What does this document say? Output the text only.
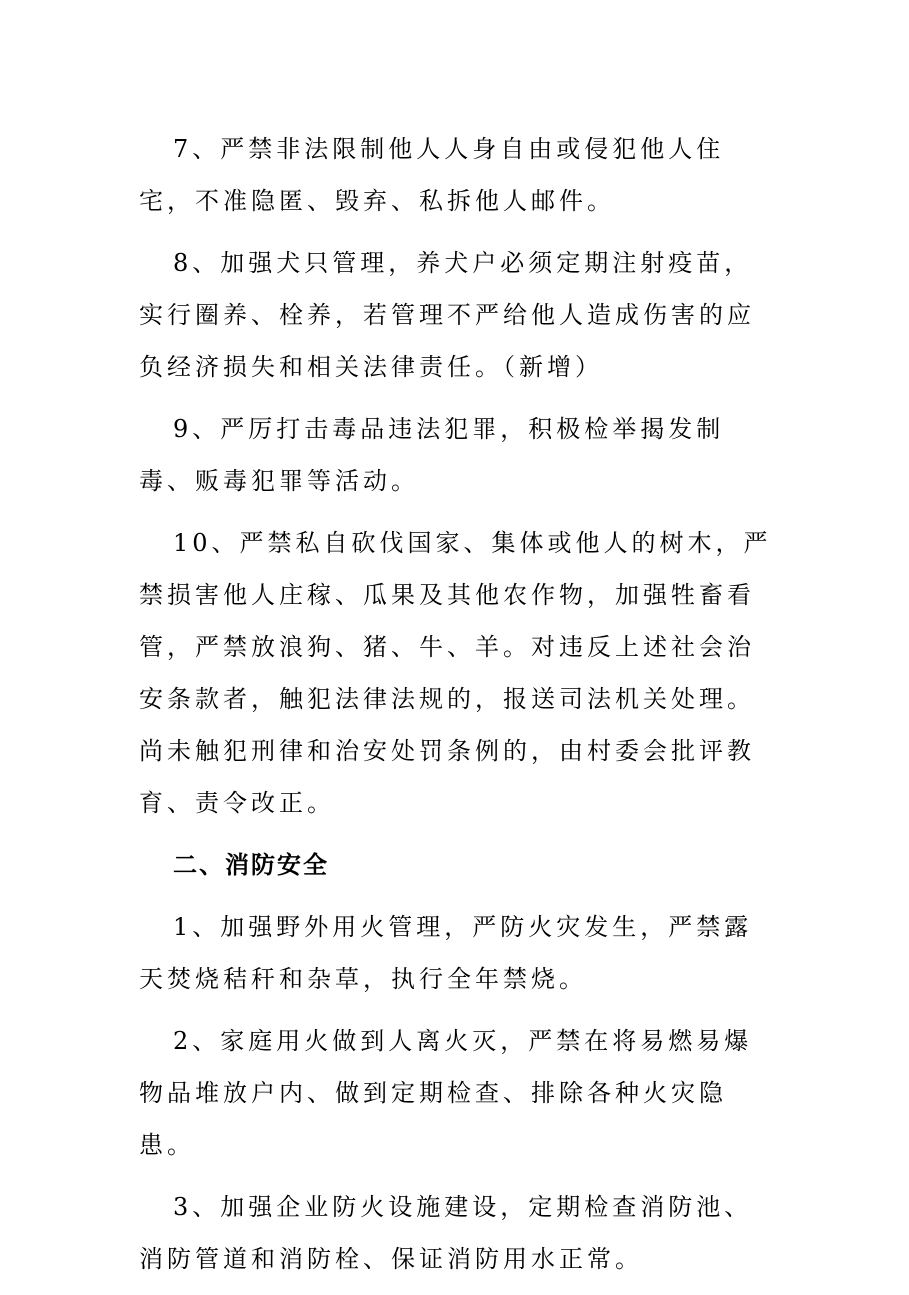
7、严禁非法限制他人人身自由或侵犯他人住宅，不准隐匿、毁弃、私拆他人邮件。

8、加强犬只管理，养犬户必须定期注射疫苗，实行圈养、栓养，若管理不严给他人造成伤害的应负经济损失和相关法律责任。（新增）

9、严厉打击毒品违法犯罪，积极检举揭发制毒、贩毒犯罪等活动。

10、严禁私自砍伐国家、集体或他人的树木，严禁损害他人庄稼、瓜果及其他农作物，加强牲畜看管，严禁放浪狗、猪、牛、羊。对违反上述社会治安条款者，触犯法律法规的，报送司法机关处理。尚未触犯刑律和治安处罚条例的，由村委会批评教育、责令改正。

二、消防安全

1、加强野外用火管理，严防火灾发生，严禁露天焚烧秸秆和杂草，执行全年禁烧。

2、家庭用火做到人离火灭，严禁在将易燃易爆物品堆放户内、做到定期检查、排除各种火灾隐患。

3、加强企业防火设施建设，定期检查消防池、消防管道和消防栓、保证消防用水正常。
